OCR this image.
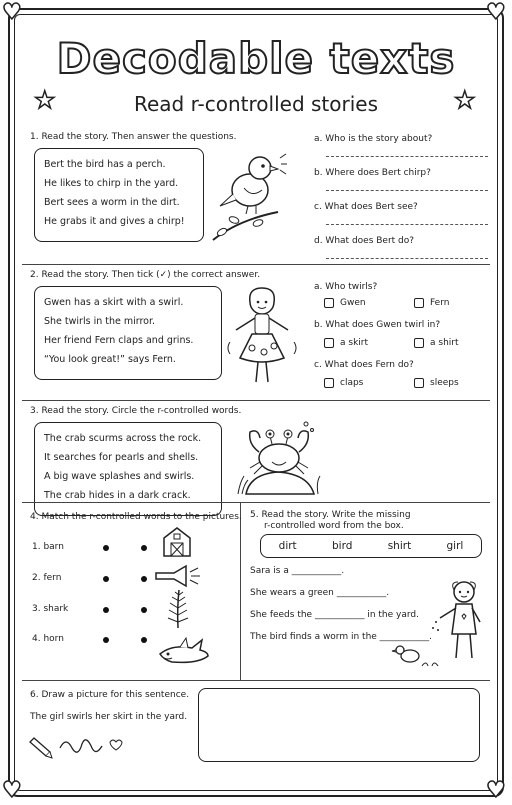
♥	♥
♥	♥
Decodable texts
Read r-controlled stories
★	★
1. Read the story. Then answer the questions.
Bert the bird has a perch.
He likes to chirp in the yard.
Bert sees a worm in the dirt.
He grabs it and gives a chirp!
a. Who is the story about?
b. Where does Bert chirp?
c. What does Bert see?
d. What does Bert do?
2. Read the story. Then tick (✓) the correct answer.
Gwen has a skirt with a swirl.
She twirls in the mirror.
Her friend Fern claps and grins.
“You look great!” says Fern.
a. Who twirls?
Gwen	Fern
b. What does Gwen twirl in?
a skirt	a shirt
c. What does Fern do?
claps	sleeps
3. Read the story. Circle the r-controlled words.
The crab scurms across the rock.
It searches for pearls and shells.
A big wave splashes and swirls.
The crab hides in a dark crack.
4. Match the r-controlled words to the pictures.
1. barn
2. fern
3. shark
4. horn
5. Read the story. Write the missing
r-controlled word from the box.
dirt	bird	shirt	girl
Sara is a ___________.
She wears a green ___________.
She feeds the ___________ in the yard.
The bird finds a worm in the ___________.
6. Draw a picture for this sentence.
The girl swirls her skirt in the yard.
